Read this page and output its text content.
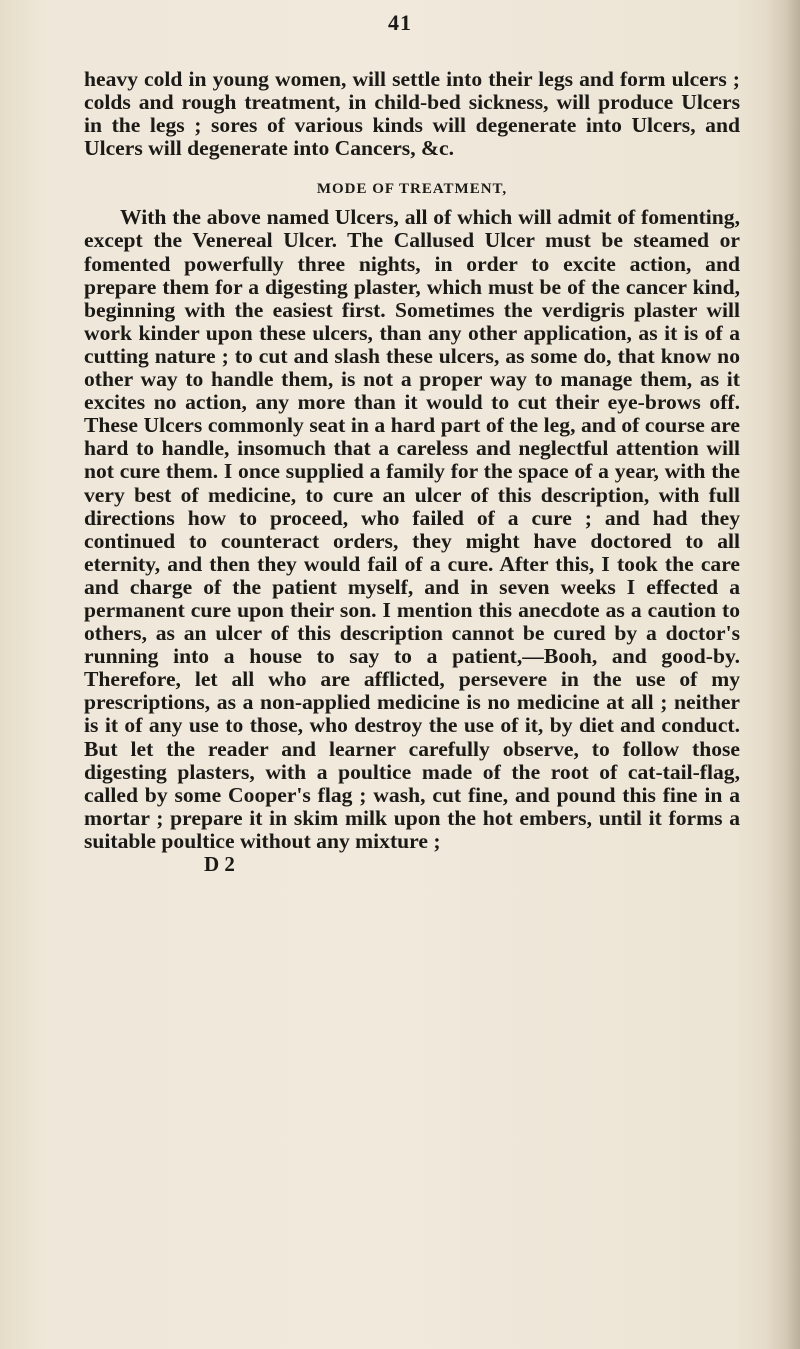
41

heavy cold in young women, will settle into their legs and form ulcers ; colds and rough treatment, in child-bed sickness, will produce Ulcers in the legs ; sores of various kinds will degenerate into Ulcers, and Ulcers will degenerate into Cancers, &c.

MODE OF TREATMENT,

With the above named Ulcers, all of which will admit of fomenting, except the Venereal Ulcer. The Callused Ulcer must be steamed or fomented powerfully three nights, in order to excite action, and prepare them for a digesting plaster, which must be of the cancer kind, beginning with the easiest first. Sometimes the verdigris plaster will work kinder upon these ulcers, than any other application, as it is of a cutting nature ; to cut and slash these ulcers, as some do, that know no other way to handle them, is not a proper way to manage them, as it excites no action, any more than it would to cut their eye-brows off. These Ulcers commonly seat in a hard part of the leg, and of course are hard to handle, insomuch that a careless and neglectful attention will not cure them. I once supplied a family for the space of a year, with the very best of medicine, to cure an ulcer of this description, with full directions how to proceed, who failed of a cure ; and had they continued to counteract orders, they might have doctored to all eternity, and then they would fail of a cure. After this, I took the care and charge of the patient myself, and in seven weeks I effected a permanent cure upon their son. I mention this anecdote as a caution to others, as an ulcer of this description cannot be cured by a doctor's running into a house to say to a patient,—Booh, and good-by. Therefore, let all who are afflicted, persevere in the use of my prescriptions, as a non-applied medicine is no medicine at all ; neither is it of any use to those, who destroy the use of it, by diet and conduct. But let the reader and learner carefully observe, to follow those digesting plasters, with a poultice made of the root of cat-tail-flag, called by some Cooper's flag ; wash, cut fine, and pound this fine in a mortar ; prepare it in skim milk upon the hot embers, until it forms a suitable poultice without any mixture ;

D 2
